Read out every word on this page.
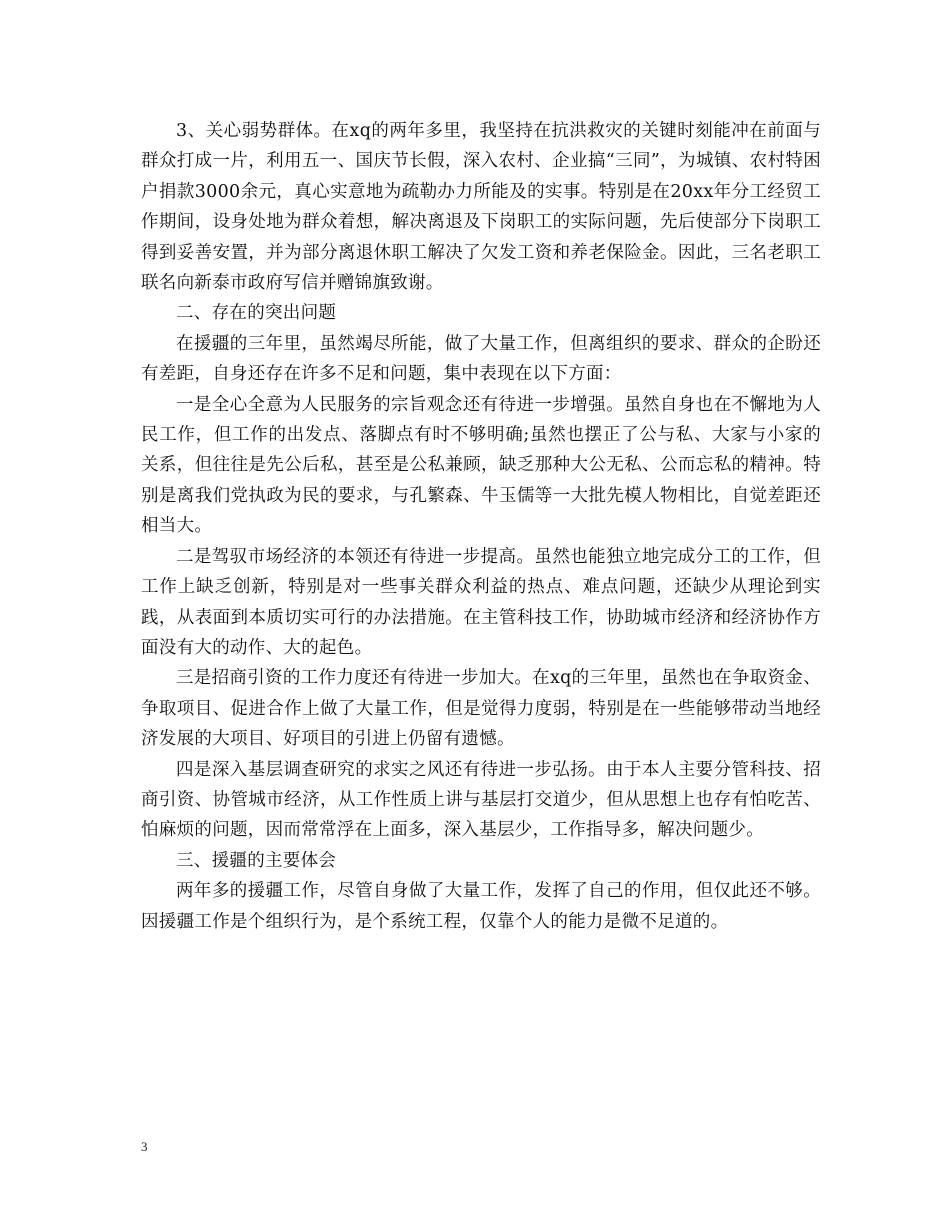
3、关心弱势群体。在xq的两年多里，我坚持在抗洪救灾的关键时刻能冲在前面与群众打成一片，利用五一、国庆节长假，深入农村、企业搞“三同”，为城镇、农村特困户捐款3000余元，真心实意地为疏勒办力所能及的实事。特别是在20xx年分工经贸工作期间，设身处地为群众着想，解决离退及下岗职工的实际问题，先后使部分下岗职工得到妥善安置，并为部分离退休职工解决了欠发工资和养老保险金。因此，三名老职工联名向新泰市政府写信并赠锦旗致谢。

二、存在的突出问题

在援疆的三年里，虽然竭尽所能，做了大量工作，但离组织的要求、群众的企盼还有差距，自身还存在许多不足和问题，集中表现在以下方面：

一是全心全意为人民服务的宗旨观念还有待进一步增强。虽然自身也在不懈地为人民工作，但工作的出发点、落脚点有时不够明确;虽然也摆正了公与私、大家与小家的关系，但往往是先公后私，甚至是公私兼顾，缺乏那种大公无私、公而忘私的精神。特别是离我们党执政为民的要求，与孔繁森、牛玉儒等一大批先模人物相比，自觉差距还相当大。

二是驾驭市场经济的本领还有待进一步提高。虽然也能独立地完成分工的工作，但工作上缺乏创新，特别是对一些事关群众利益的热点、难点问题，还缺少从理论到实践，从表面到本质切实可行的办法措施。在主管科技工作，协助城市经济和经济协作方面没有大的动作、大的起色。

三是招商引资的工作力度还有待进一步加大。在xq的三年里，虽然也在争取资金、争取项目、促进合作上做了大量工作，但是觉得力度弱，特别是在一些能够带动当地经济发展的大项目、好项目的引进上仍留有遗憾。

四是深入基层调查研究的求实之风还有待进一步弘扬。由于本人主要分管科技、招商引资、协管城市经济，从工作性质上讲与基层打交道少，但从思想上也存有怕吃苦、怕麻烦的问题，因而常常浮在上面多，深入基层少，工作指导多，解决问题少。

三、援疆的主要体会

两年多的援疆工作，尽管自身做了大量工作，发挥了自己的作用，但仅此还不够。因援疆工作是个组织行为，是个系统工程，仅靠个人的能力是微不足道的。

3
